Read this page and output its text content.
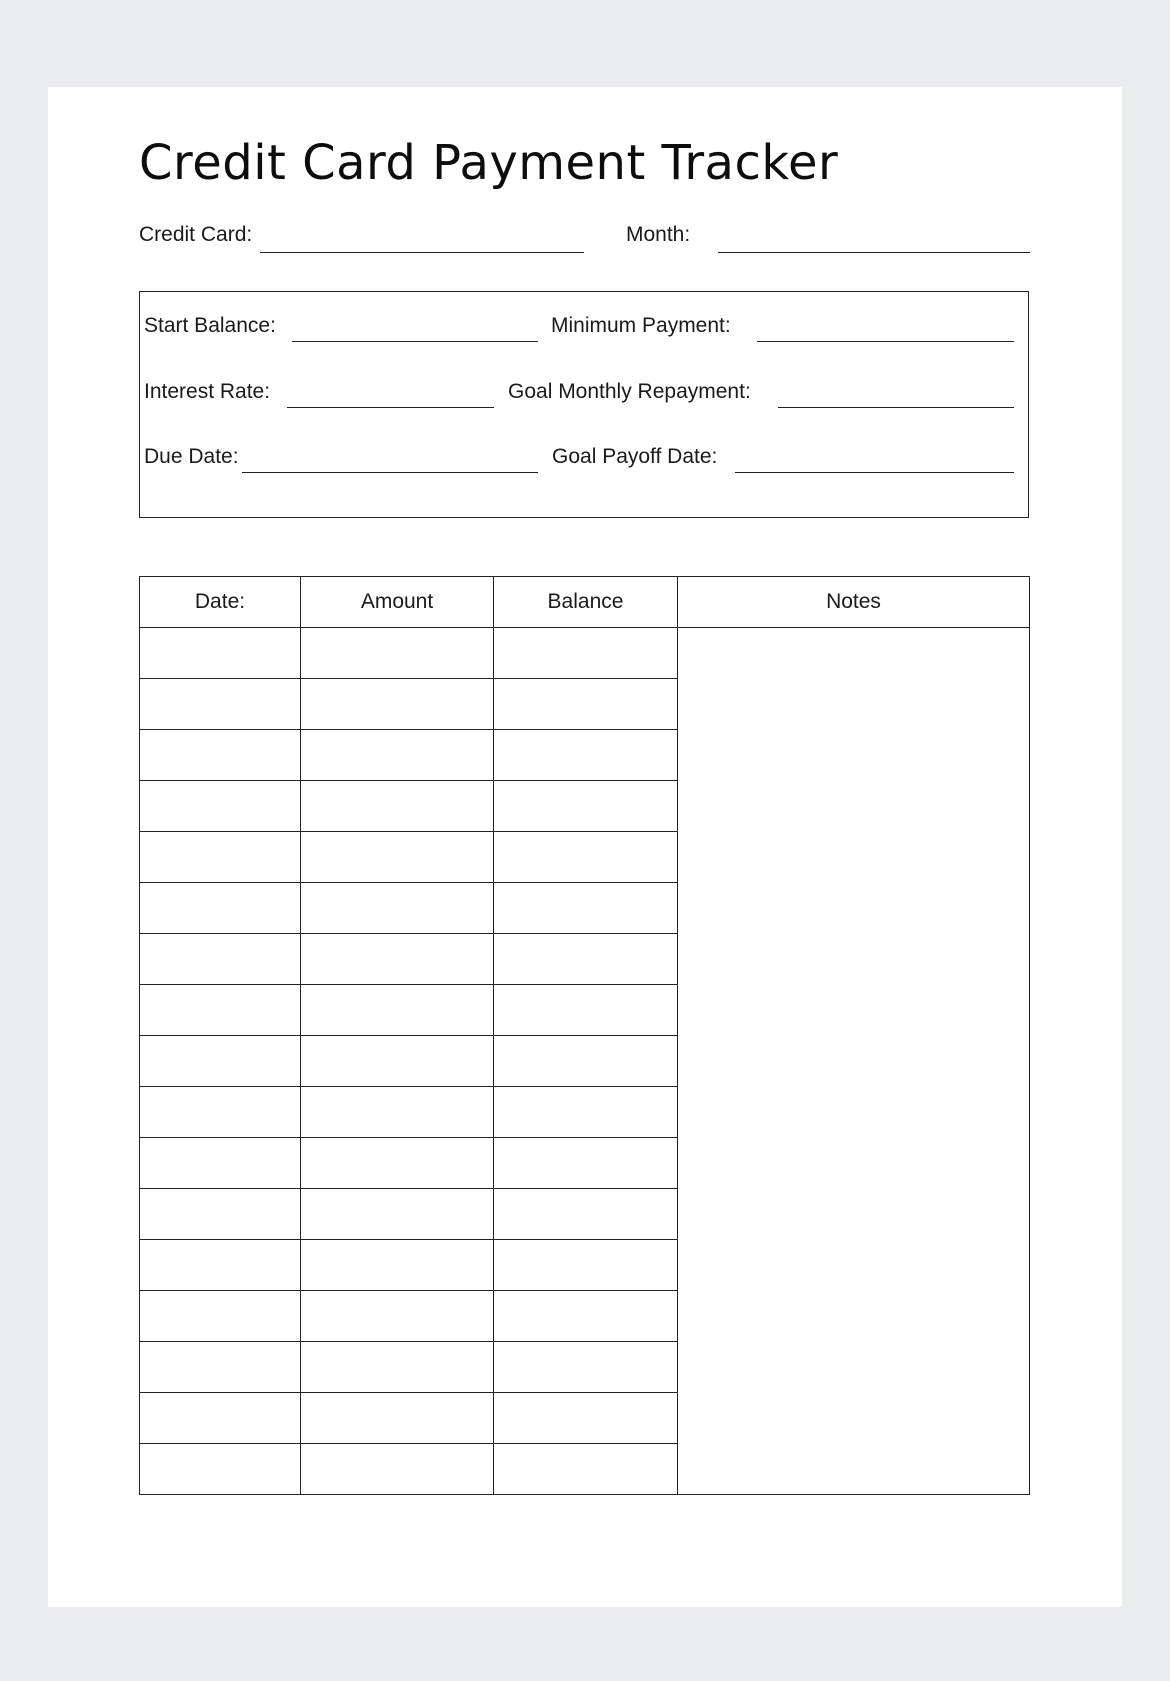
Credit Card Payment Tracker
Credit Card:	Month:
Start Balance:	Minimum Payment:
Interest Rate:	Goal Monthly Repayment:
Due Date:	Goal Payoff Date:
Date:	Amount	Balance	Notes
